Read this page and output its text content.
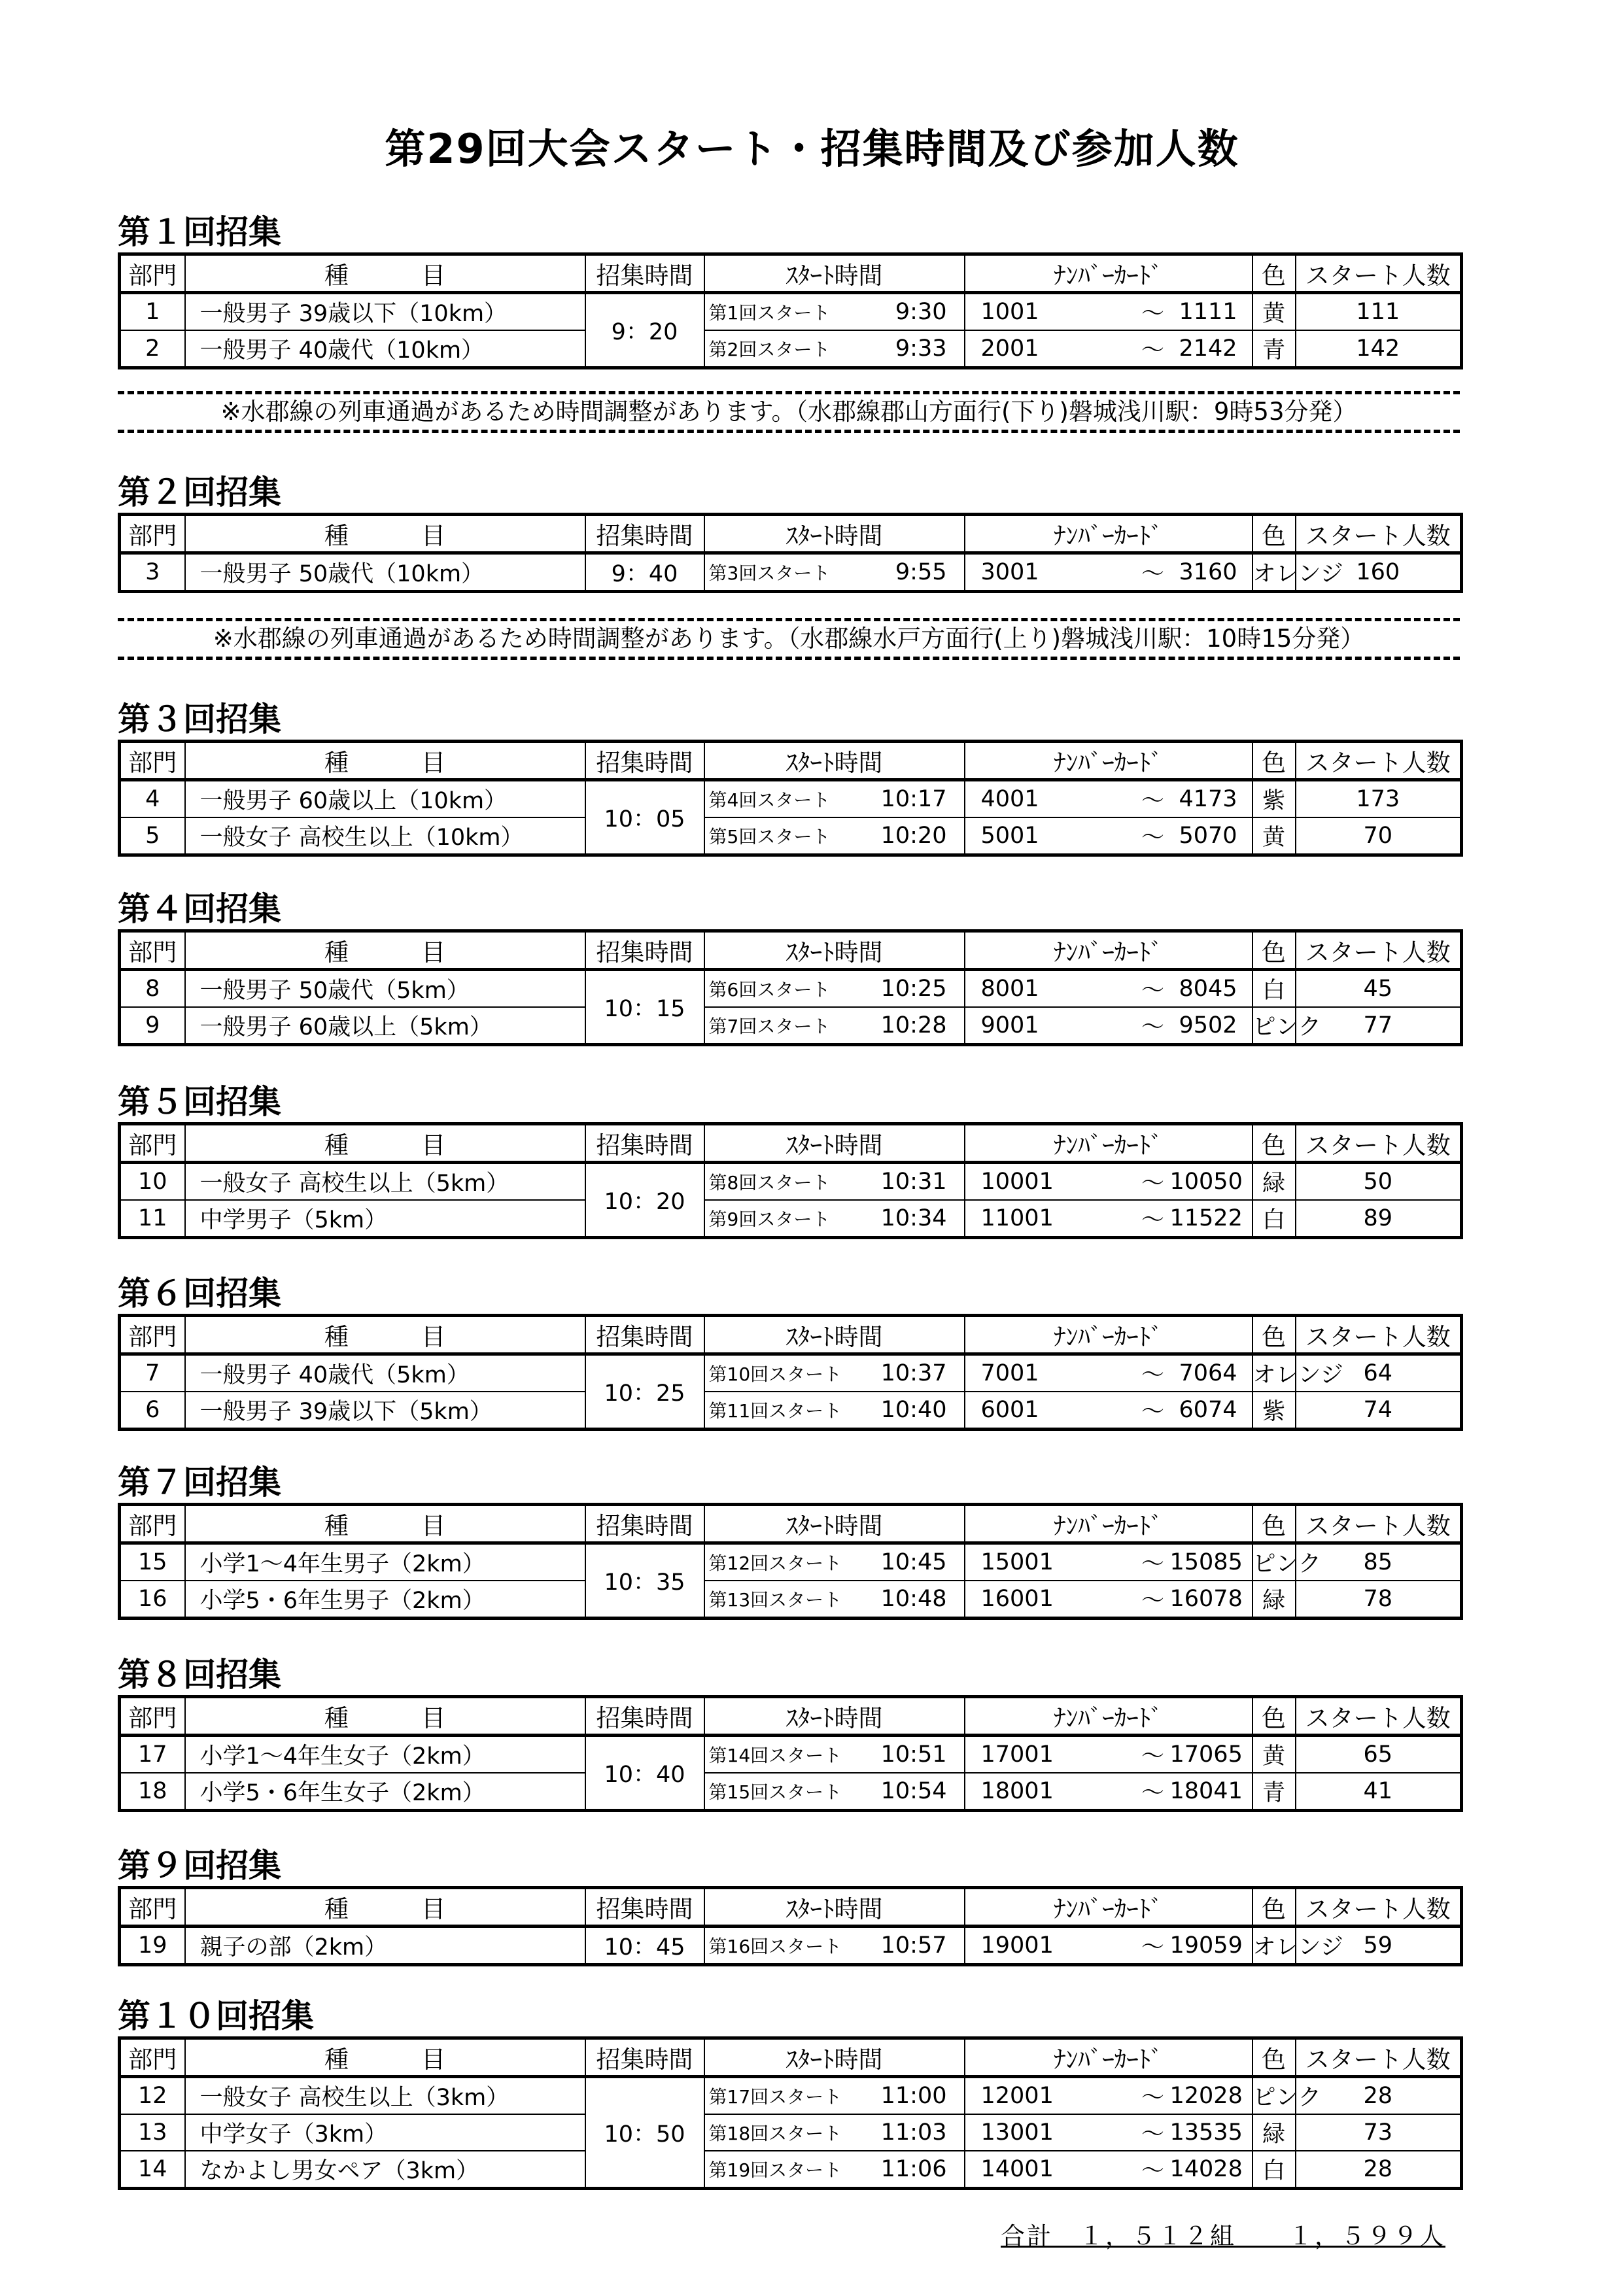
第29回大会スタート・招集時間及び参加人数
第１回招集
部門	種　　　目	招集時間	ｽﾀｰﾄ時間		ﾅﾝﾊﾞｰｶｰﾄﾞ			色	スタート人数
1	一般男子 39歳以下（10km）	9：20	第1回スタート	9:30	1001	～	1111	黄	111
2	一般男子 40歳代（10km）		第2回スタート	9:33	2001	～	2142	青	142
第２回招集
部門	種　　　目	招集時間	ｽﾀｰﾄ時間		ﾅﾝﾊﾞｰｶｰﾄﾞ			色	スタート人数
3	一般男子 50歳代（10km）	9：40	第3回スタート	9:55	3001	～	3160	オレンジ	160
第３回招集
部門	種　　　目	招集時間	ｽﾀｰﾄ時間		ﾅﾝﾊﾞｰｶｰﾄﾞ			色	スタート人数
4	一般男子 60歳以上（10km）	10：05	第4回スタート	10:17	4001	～	4173	紫	173
5	一般女子 高校生以上（10km）		第5回スタート	10:20	5001	～	5070	黄	70
第４回招集
部門	種　　　目	招集時間	ｽﾀｰﾄ時間		ﾅﾝﾊﾞｰｶｰﾄﾞ			色	スタート人数
8	一般男子 50歳代（5km）	10：15	第6回スタート	10:25	8001	～	8045	白	45
9	一般男子 60歳以上（5km）		第7回スタート	10:28	9001	～	9502	ピンク	77
第５回招集
部門	種　　　目	招集時間	ｽﾀｰﾄ時間		ﾅﾝﾊﾞｰｶｰﾄﾞ			色	スタート人数
10	一般女子 高校生以上（5km）	10：20	第8回スタート	10:31	10001	～	10050	緑	50
11	中学男子（5km）		第9回スタート	10:34	11001	～	11522	白	89
第６回招集
部門	種　　　目	招集時間	ｽﾀｰﾄ時間		ﾅﾝﾊﾞｰｶｰﾄﾞ			色	スタート人数
7	一般男子 40歳代（5km）	10：25	第10回スタート	10:37	7001	～	7064	オレンジ	64
6	一般男子 39歳以下（5km）		第11回スタート	10:40	6001	～	6074	紫	74
第７回招集
部門	種　　　目	招集時間	ｽﾀｰﾄ時間		ﾅﾝﾊﾞｰｶｰﾄﾞ			色	スタート人数
15	小学1～4年生男子（2km）	10：35	第12回スタート	10:45	15001	～	15085	ピンク	85
16	小学5・6年生男子（2km）		第13回スタート	10:48	16001	～	16078	緑	78
第８回招集
部門	種　　　目	招集時間	ｽﾀｰﾄ時間		ﾅﾝﾊﾞｰｶｰﾄﾞ			色	スタート人数
17	小学1～4年生女子（2km）	10：40	第14回スタート	10:51	17001	～	17065	黄	65
18	小学5・6年生女子（2km）		第15回スタート	10:54	18001	～	18041	青	41
第９回招集
部門	種　　　目	招集時間	ｽﾀｰﾄ時間		ﾅﾝﾊﾞｰｶｰﾄﾞ			色	スタート人数
19	親子の部（2km）	10：45	第16回スタート	10:57	19001	～	19059	オレンジ	59
第１０回招集
部門	種　　　目	招集時間	ｽﾀｰﾄ時間		ﾅﾝﾊﾞｰｶｰﾄﾞ			色	スタート人数
12	一般女子 高校生以上（3km）	10：50	第17回スタート	11:00	12001	～	12028	ピンク	28
13	中学女子（3km）		第18回スタート	11:03	13001	～	13535	緑	73
14	なかよし男女ペア（3km）		第19回スタート	11:06	14001	～	14028	白	28
※水郡線の列車通過があるため時間調整があります。（水郡線郡山方面行(下り)磐城浅川駅：9時53分発）
※水郡線の列車通過があるため時間調整があります。（水郡線水戸方面行(上り)磐城浅川駅：10時15分発）
合計　１，５１２組　　１，５９９人
